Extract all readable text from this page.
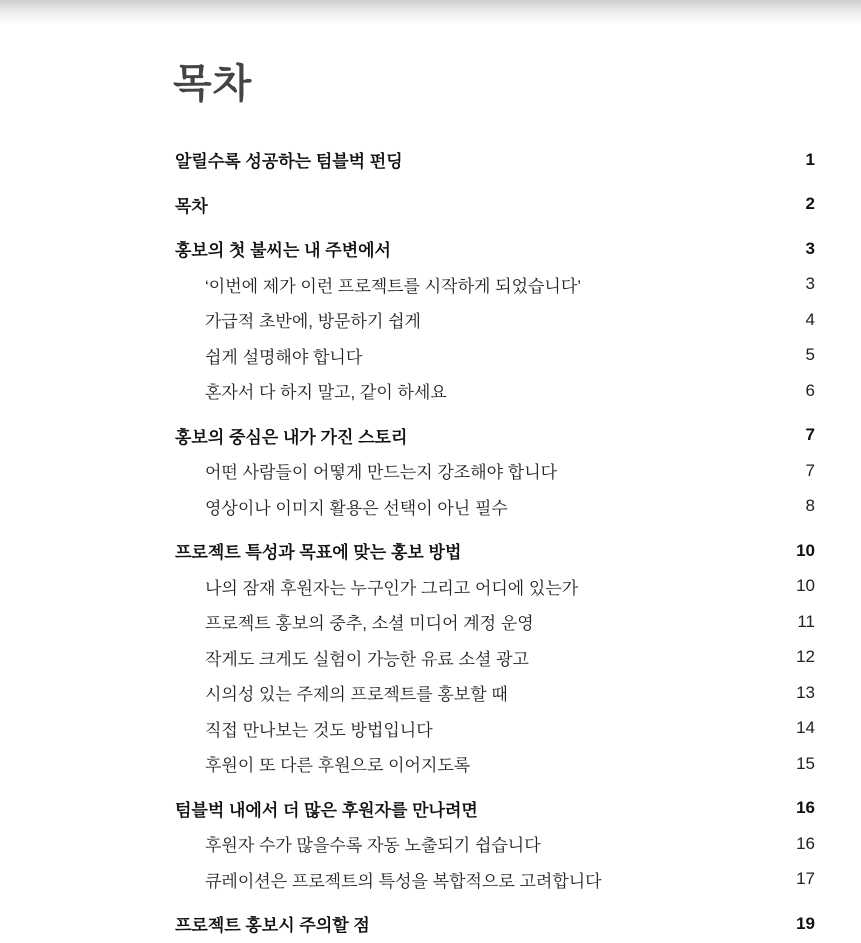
목차
알릴수록 성공하는 텀블벅 펀딩	1
목차	2
홍보의 첫 불씨는 내 주변에서	3
‘이번에 제가 이런 프로젝트를 시작하게 되었습니다’	3
가급적 초반에, 방문하기 쉽게	4
쉽게 설명해야 합니다	5
혼자서 다 하지 말고, 같이 하세요	6
홍보의 중심은 내가 가진 스토리	7
어떤 사람들이 어떻게 만드는지 강조해야 합니다	7
영상이나 이미지 활용은 선택이 아닌 필수	8
프로젝트 특성과 목표에 맞는 홍보 방법	10
나의 잠재 후원자는 누구인가 그리고 어디에 있는가	10
프로젝트 홍보의 중추, 소셜 미디어 계정 운영	11
작게도 크게도 실험이 가능한 유료 소셜 광고	12
시의성 있는 주제의 프로젝트를 홍보할 때	13
직접 만나보는 것도 방법입니다	14
후원이 또 다른 후원으로 이어지도록	15
텀블벅 내에서 더 많은 후원자를 만나려면	16
후원자 수가 많을수록 자동 노출되기 쉽습니다	16
큐레이션은 프로젝트의 특성을 복합적으로 고려합니다	17
프로젝트 홍보시 주의할 점	19
